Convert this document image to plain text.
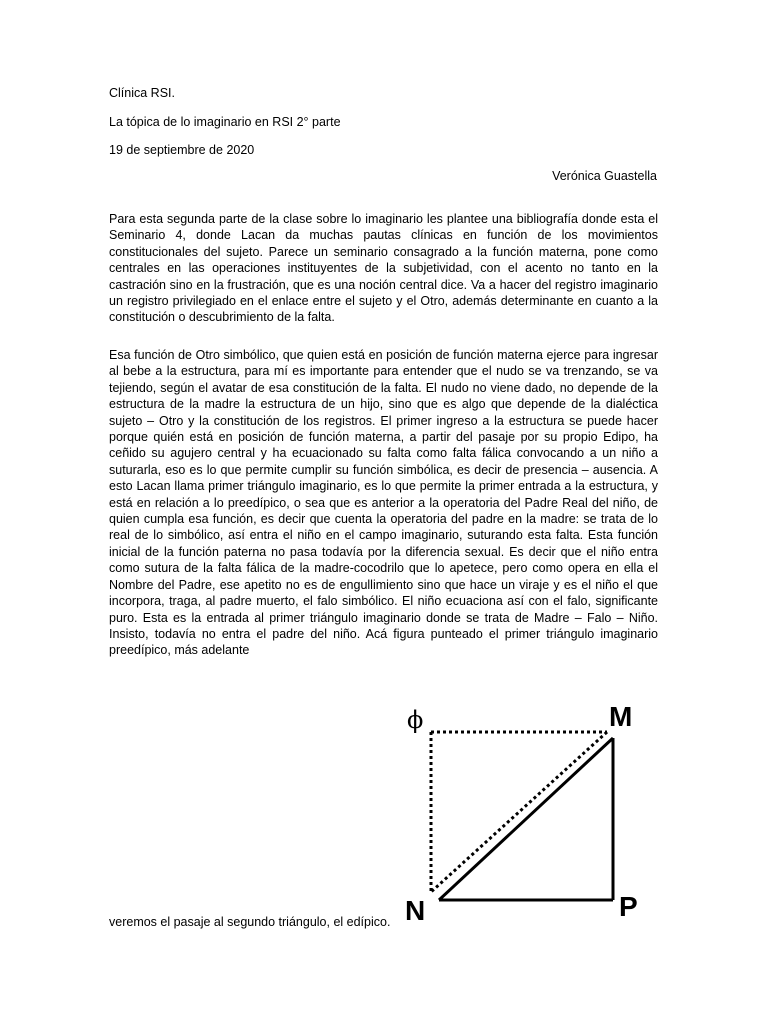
Clínica RSI.
La tópica de lo imaginario en RSI 2° parte
19 de septiembre de 2020
Verónica Guastella

Para esta segunda parte de la clase sobre lo imaginario les plantee una bibliografía donde esta el Seminario 4, donde Lacan da muchas pautas clínicas en función de los movimientos constitucionales del sujeto. Parece un seminario consagrado a la función materna, pone como centrales en las operaciones instituyentes de la subjetividad, con el acento no tanto en la castración sino en la frustración, que es una noción central dice. Va a hacer del registro imaginario un registro privilegiado en el enlace entre el sujeto y el Otro, además determinante en cuanto a la constitución o descubrimiento de la falta.

Esa función de Otro simbólico, que quien está en posición de función materna ejerce para ingresar al bebe a la estructura, para mí es importante para entender que el nudo se va trenzando, se va tejiendo, según el avatar de esa constitución de la falta. El nudo no viene dado, no depende de la estructura de la madre la estructura de un hijo, sino que es algo que depende de la dialéctica sujeto – Otro y la constitución de los registros. El primer ingreso a la estructura se puede hacer porque quién está en posición de función materna, a partir del pasaje por su propio Edipo, ha ceñido su agujero central y ha ecuacionado su falta como falta fálica convocando a un niño a suturarla, eso es lo que permite cumplir su función simbólica, es decir de presencia – ausencia. A esto Lacan llama primer triángulo imaginario, es lo que permite la primer entrada a la estructura, y está en relación a lo preedípico, o sea que es anterior a la operatoria del Padre Real del niño, de quien cumpla esa función, es decir que cuenta la operatoria del padre en la madre: se trata de lo real de lo simbólico, así entra el niño en el campo imaginario, suturando esta falta. Esta función inicial de la función paterna no pasa todavía por la diferencia sexual. Es decir que el niño entra como sutura de la falta fálica de la madre-cocodrilo que lo apetece, pero como opera en ella el Nombre del Padre, ese apetito no es de engullimiento sino que hace un viraje y es el niño el que incorpora, traga, al padre muerto, el falo simbólico. El niño ecuaciona así con el falo, significante puro. Esta es la entrada al primer triángulo imaginario donde se trata de Madre – Falo – Niño. Insisto, todavía no entra el padre del niño. Acá figura punteado el primer triángulo imaginario preedípico, más adelante

veremos el pasaje al segundo triángulo, el edípico.
ϕ	M
N	P
